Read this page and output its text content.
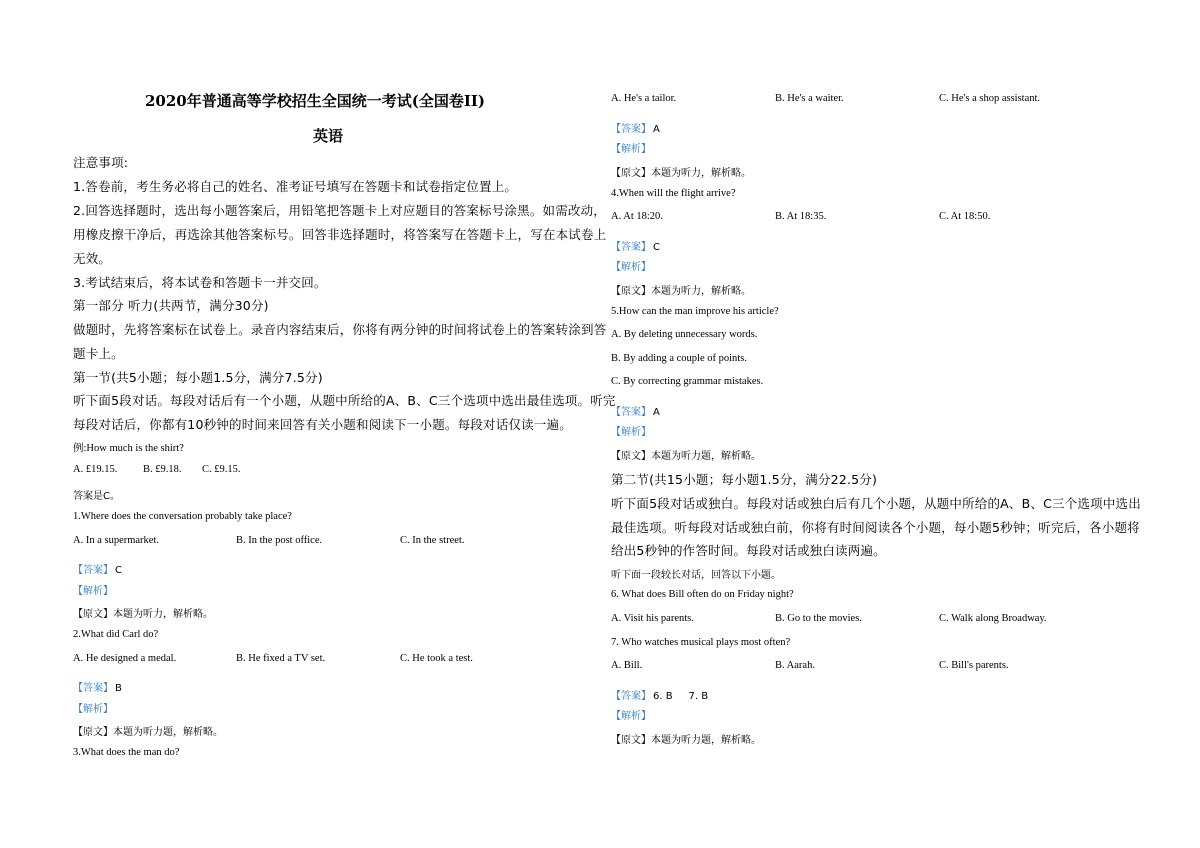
2020年普通高等学校招生全国统一考试(全国卷II)
英语
注意事项:
1.答卷前，考生务必将自己的姓名、准考证号填写在答题卡和试卷指定位置上。
2.回答选择题时，选出每小题答案后，用铅笔把答题卡上对应题目的答案标号涂黑。如需改动，
用橡皮擦干净后，再选涂其他答案标号。回答非选择题时，将答案写在答题卡上，写在本试卷上
无效。
3.考试结束后，将本试卷和答题卡一并交回。
第一部分 听力(共两节，满分30分)
做题时，先将答案标在试卷上。录音内容结束后，你将有两分钟的时间将试卷上的答案转涂到答
题卡上。
第一节(共5小题；每小题1.5分，满分7.5分)
听下面5段对话。每段对话后有一个小题，从题中所给的A、B、C三个选项中选出最佳选项。听完
每段对话后，你都有10秒钟的时间来回答有关小题和阅读下一小题。每段对话仅读一遍。
例:How much is the shirt?
A. £19.15. B. £9.18. C. £9.15.
答案是C。
1.Where does the conversation probably take place?
A. In a supermarket.	B. In the post office.	C. In the street.
【答案】 C
【解析】
【原文】本题为听力，解析略。
2.What did Carl do?
A. He designed a medal.	B. He fixed a TV set.	C. He took a test.
【答案】 B
【解析】
【原文】本题为听力题，解析略。
3.What does the man do?
A. He's a tailor.	B. He's a waiter.	C. He's a shop assistant.
【答案】 A
【解析】
【原文】本题为听力，解析略。
4.When will the flight arrive?
A. At 18:20.	B. At 18:35.	C. At 18:50.
【答案】 C
【解析】
【原文】本题为听力，解析略。
5.How can the man improve his article?
A. By deleting unnecessary words.
B. By adding a couple of points.
C. By correcting grammar mistakes.
【答案】 A
【解析】
【原文】本题为听力题，解析略。
第二节(共15小题；每小题1.5分，满分22.5分)
听下面5段对话或独白。每段对话或独白后有几个小题，从题中所给的A、B、C三个选项中选出
最佳选项。听每段对话或独白前，你将有时间阅读各个小题，每小题5秒钟；听完后，各小题将
给出5秒钟的作答时间。每段对话或独白读两遍。
听下面一段较长对话，回答以下小题。
6. What does Bill often do on Friday night?
A. Visit his parents.	B. Go to the movies.	C. Walk along Broadway.
7. Who watches musical plays most often?
A. Bill.	B. Aarah.	C. Bill's parents.
【答案】 6. B     7. B
【解析】
【原文】本题为听力题，解析略。
